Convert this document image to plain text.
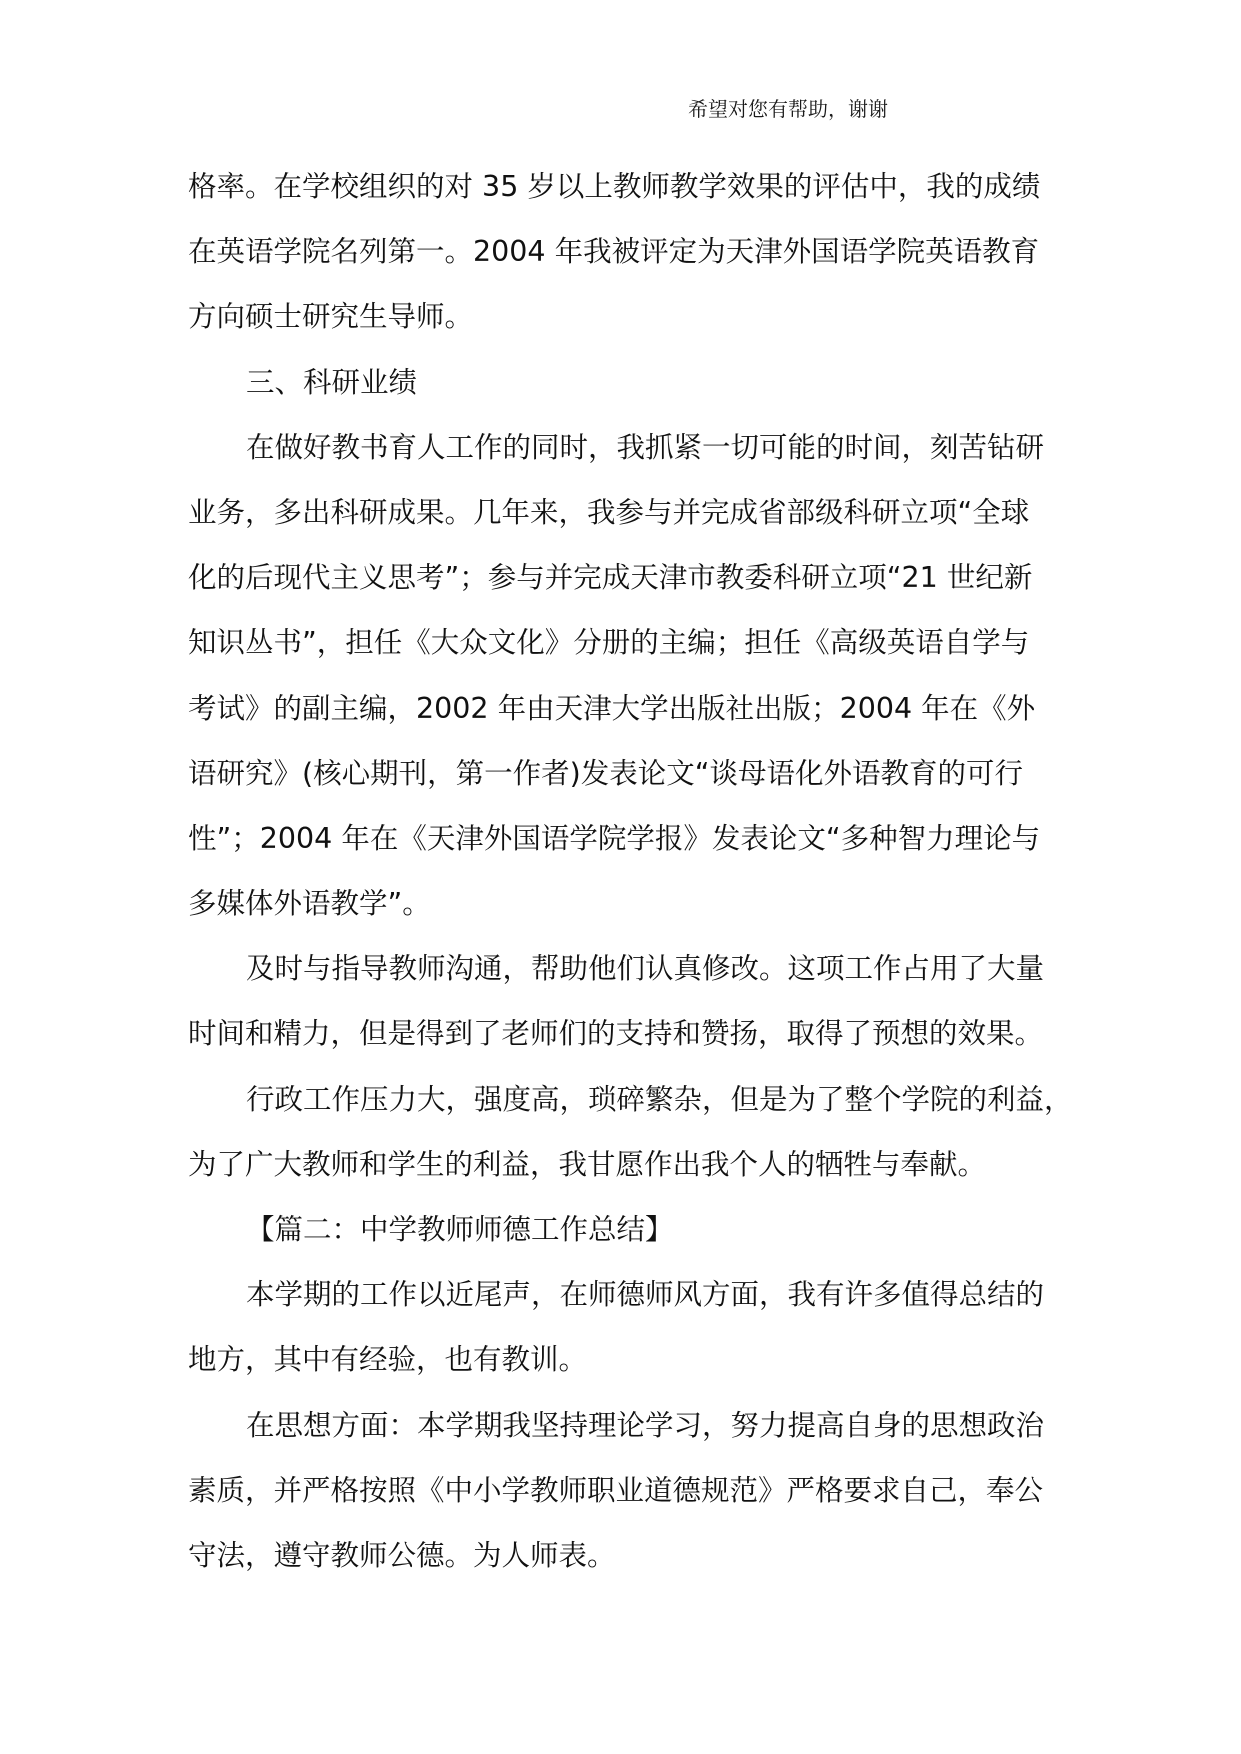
希望对您有帮助，谢谢
格率。在学校组织的对 35 岁以上教师教学效果的评估中，我的成绩
在英语学院名列第一。2004 年我被评定为天津外国语学院英语教育
方向硕士研究生导师。
三、科研业绩
在做好教书育人工作的同时，我抓紧一切可能的时间，刻苦钻研
业务，多出科研成果。几年来，我参与并完成省部级科研立项“全球
化的后现代主义思考”；参与并完成天津市教委科研立项“21 世纪新
知识丛书”，担任《大众文化》分册的主编；担任《高级英语自学与
考试》的副主编，2002 年由天津大学出版社出版；2004 年在《外
语研究》(核心期刊，第一作者)发表论文“谈母语化外语教育的可行
性”；2004 年在《天津外国语学院学报》发表论文“多种智力理论与
多媒体外语教学”。
及时与指导教师沟通，帮助他们认真修改。这项工作占用了大量
时间和精力，但是得到了老师们的支持和赞扬，取得了预想的效果。
行政工作压力大，强度高，琐碎繁杂，但是为了整个学院的利益，
为了广大教师和学生的利益，我甘愿作出我个人的牺牲与奉献。
【篇二：中学教师师德工作总结】
本学期的工作以近尾声，在师德师风方面，我有许多值得总结的
地方，其中有经验，也有教训。
在思想方面：本学期我坚持理论学习，努力提高自身的思想政治
素质，并严格按照《中小学教师职业道德规范》严格要求自己，奉公
守法，遵守教师公德。为人师表。
